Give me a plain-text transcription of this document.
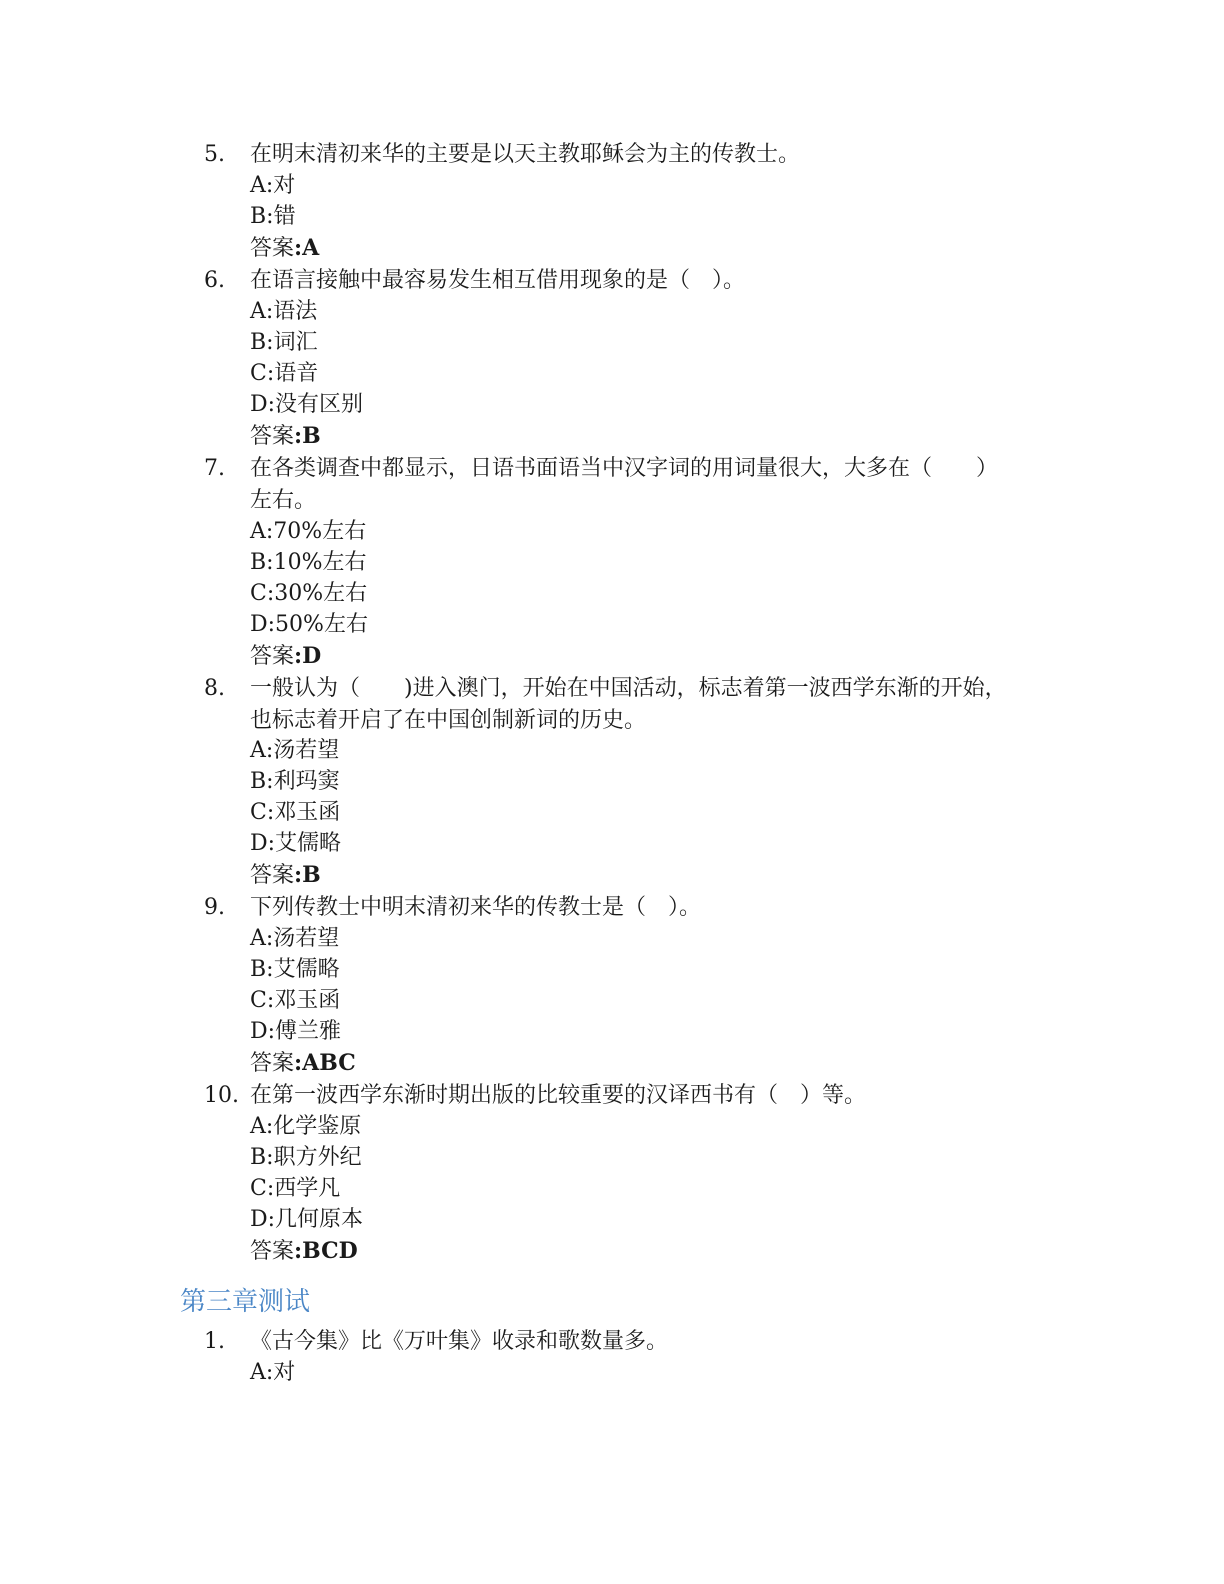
5. 在明末清初来华的主要是以天主教耶稣会为主的传教士。
A:对
B:错
答案:A
6. 在语言接触中最容易发生相互借用现象的是（　）。
A:语法
B:词汇
C:语音
D:没有区别
答案:B
7. 在各类调查中都显示，日语书面语当中汉字词的用词量很大，大多在（　　）
左右。
A:70%左右
B:10%左右
C:30%左右
D:50%左右
答案:D
8. 一般认为（　　)进入澳门，开始在中国活动，标志着第一波西学东渐的开始，
也标志着开启了在中国创制新词的历史。
A:汤若望
B:利玛窦
C:邓玉函
D:艾儒略
答案:B
9. 下列传教士中明末清初来华的传教士是（　）。
A:汤若望
B:艾儒略
C:邓玉函
D:傅兰雅
答案:ABC
10. 在第一波西学东渐时期出版的比较重要的汉译西书有（　）等。
A:化学鉴原
B:职方外纪
C:西学凡
D:几何原本
答案:BCD
第三章测试
1. 《古今集》比《万叶集》收录和歌数量多。
A:对
